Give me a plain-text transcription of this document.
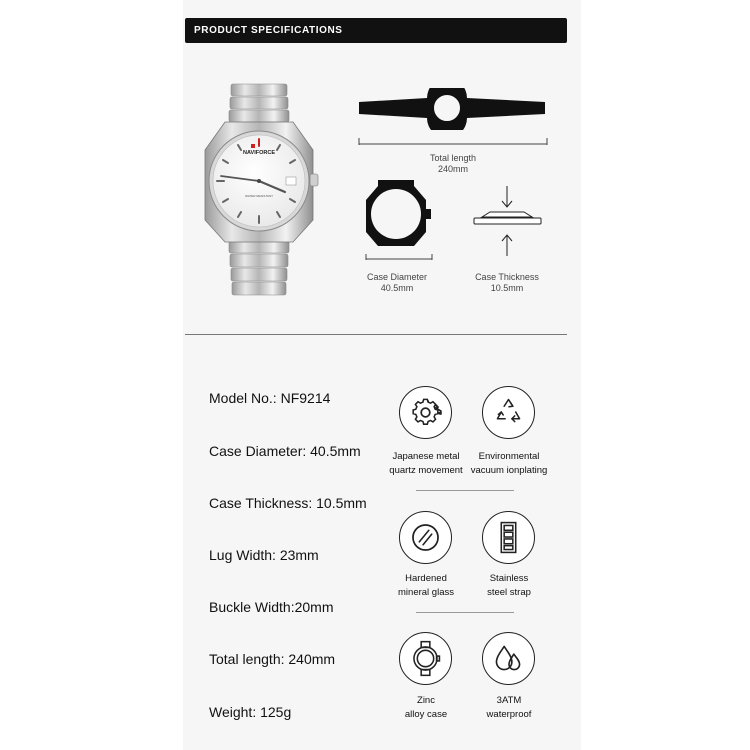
PRODUCT SPECIFICATIONS
NAVIFORCE
WATER RESISTANT
Total length
240mm
Case Diameter
40.5mm
Case Thickness
10.5mm
Model No.: NF9214
Case Diameter: 40.5mm
Case Thickness: 10.5mm
Lug Width: 23mm
Buckle Width:20mm
Total length: 240mm
Weight: 125g
Japanese metal
quartz movement
Environmental
vacuum ionplating
Hardened
mineral glass
Stainless
steel strap
Zinc
alloy case
3ATM
waterproof
